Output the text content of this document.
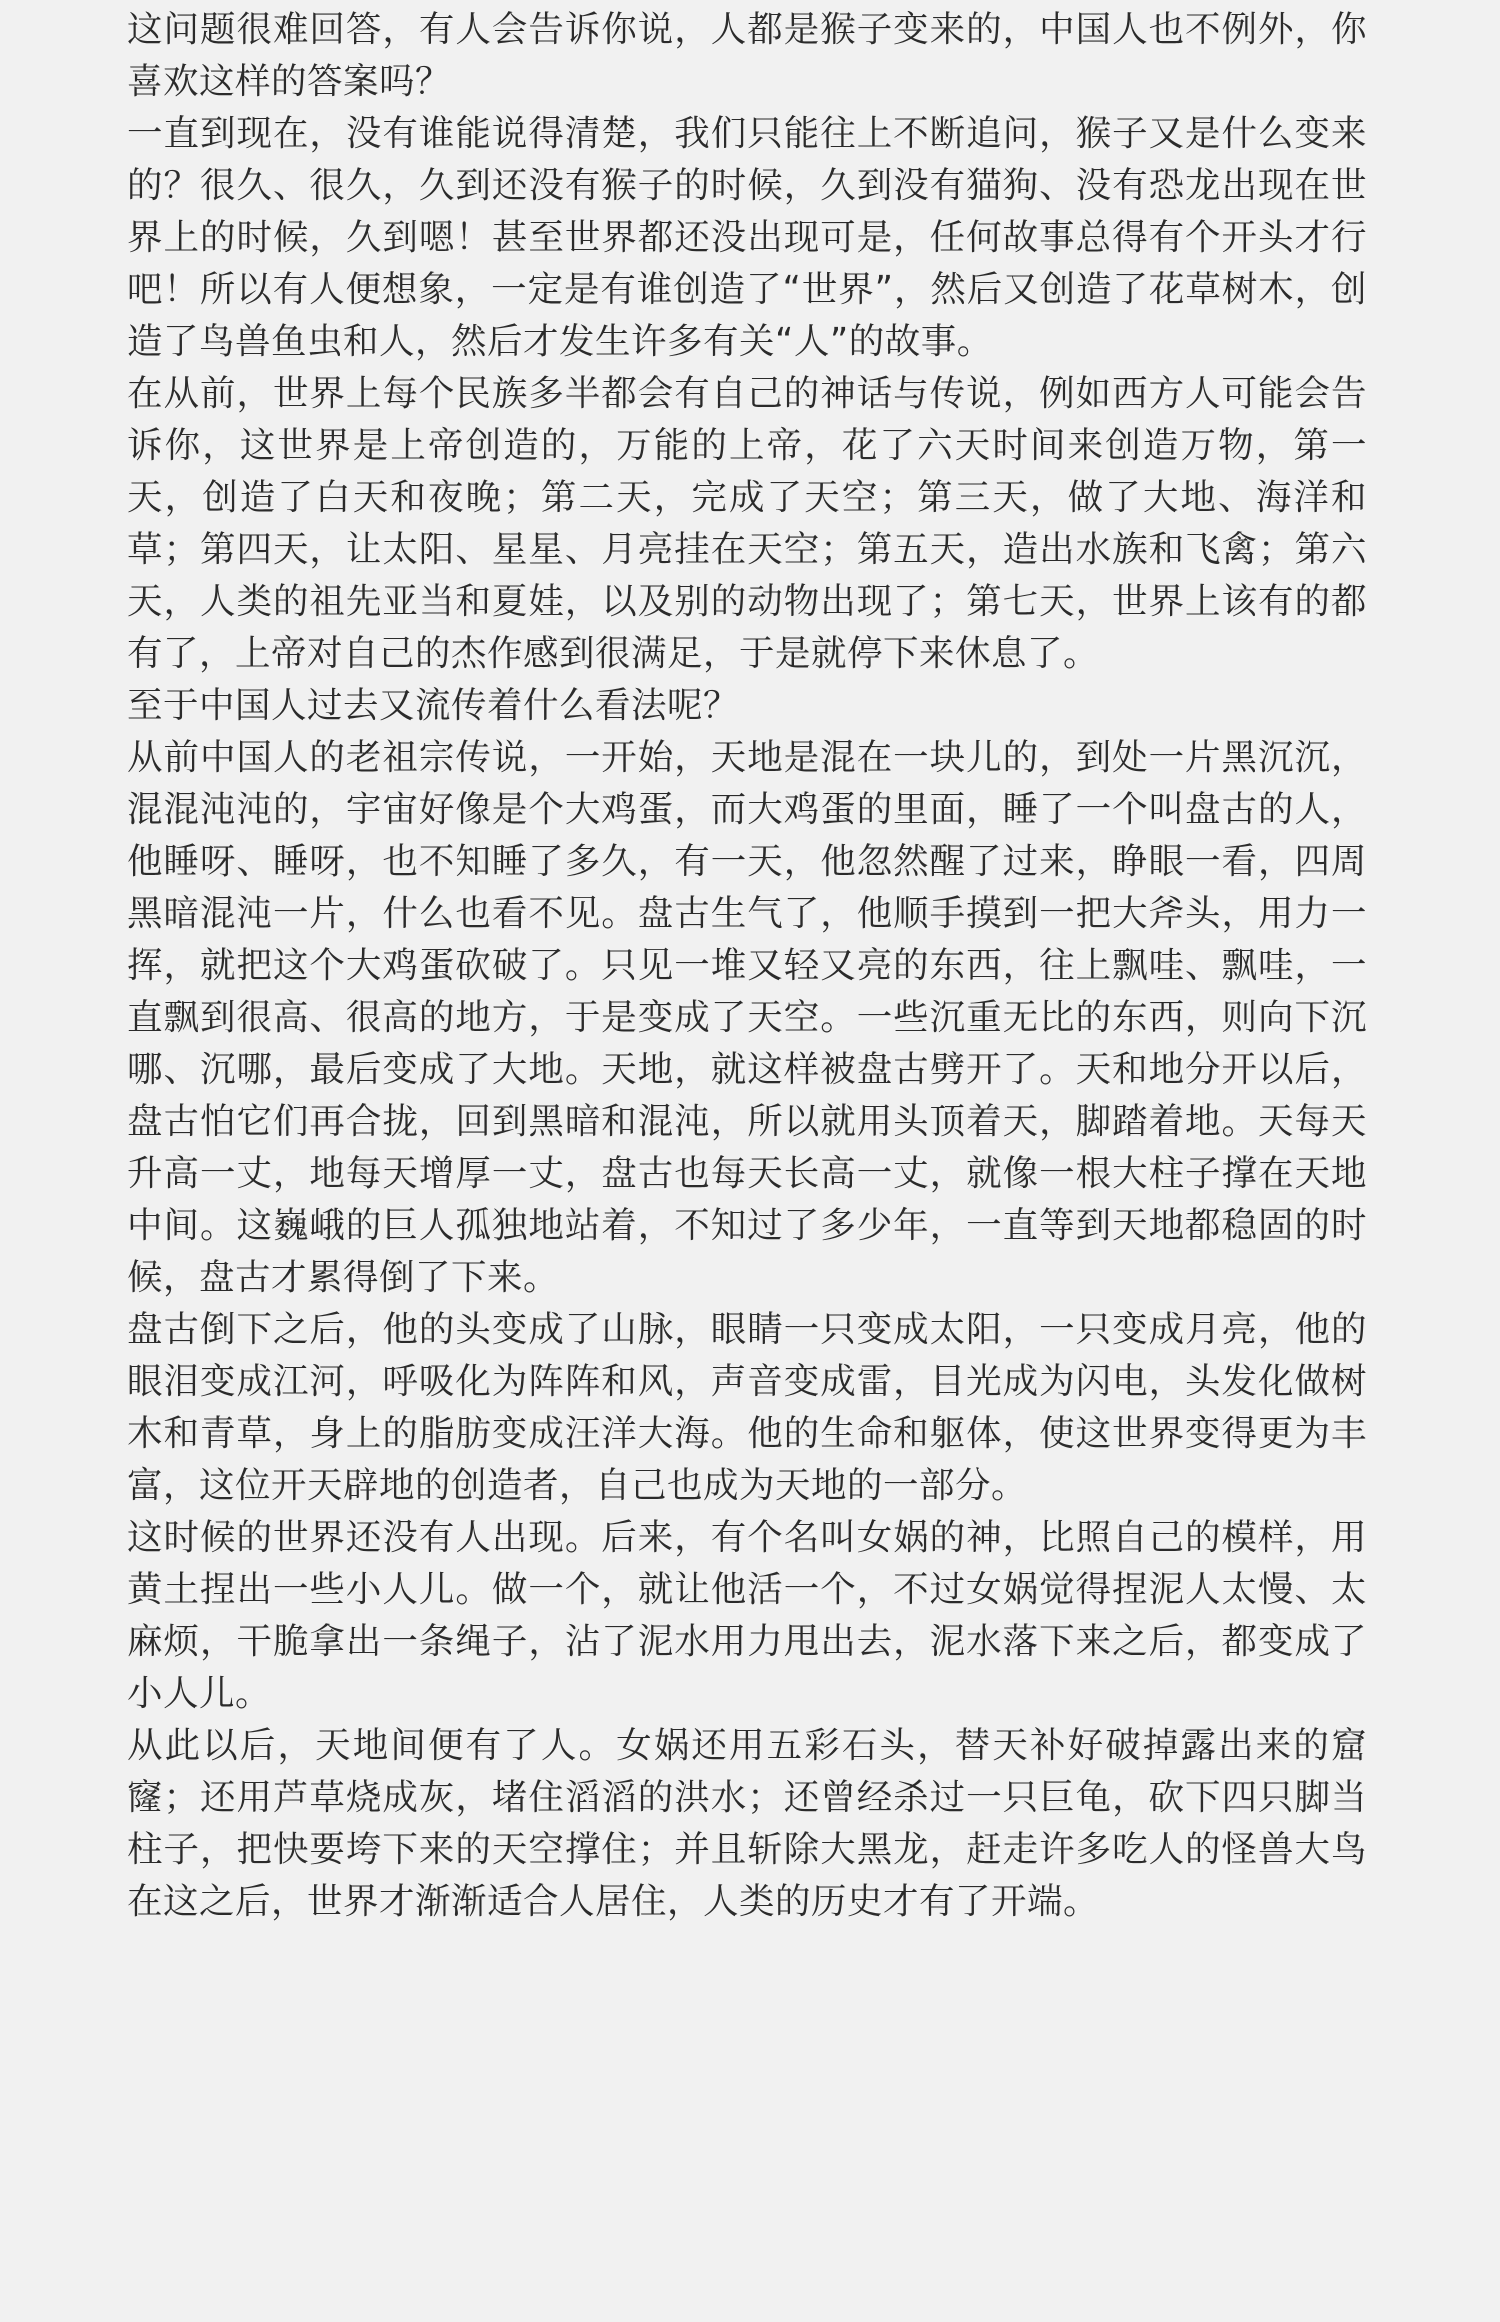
这问题很难回答，有人会告诉你说，人都是猴子变来的，中国人也不例外，你喜欢这样的答案吗？

一直到现在，没有谁能说得清楚，我们只能往上不断追问，猴子又是什么变来的？很久、很久，久到还没有猴子的时候，久到没有猫狗、没有恐龙出现在世界上的时候，久到嗯！甚至世界都还没出现可是，任何故事总得有个开头才行吧！所以有人便想象，一定是有谁创造了“世界”，然后又创造了花草树木，创造了鸟兽鱼虫和人，然后才发生许多有关“人”的故事。

在从前，世界上每个民族多半都会有自己的神话与传说，例如西方人可能会告诉你，这世界是上帝创造的，万能的上帝，花了六天时间来创造万物，第一天，创造了白天和夜晚；第二天，完成了天空；第三天，做了大地、海洋和草；第四天，让太阳、星星、月亮挂在天空；第五天，造出水族和飞禽；第六天，人类的祖先亚当和夏娃，以及别的动物出现了；第七天，世界上该有的都有了，上帝对自己的杰作感到很满足，于是就停下来休息了。

至于中国人过去又流传着什么看法呢？

从前中国人的老祖宗传说，一开始，天地是混在一块儿的，到处一片黑沉沉，混混沌沌的，宇宙好像是个大鸡蛋，而大鸡蛋的里面，睡了一个叫盘古的人，他睡呀、睡呀，也不知睡了多久，有一天，他忽然醒了过来，睁眼一看，四周黑暗混沌一片，什么也看不见。盘古生气了，他顺手摸到一把大斧头，用力一挥，就把这个大鸡蛋砍破了。只见一堆又轻又亮的东西，往上飘哇、飘哇，一直飘到很高、很高的地方，于是变成了天空。一些沉重无比的东西，则向下沉哪、沉哪，最后变成了大地。天地，就这样被盘古劈开了。天和地分开以后，盘古怕它们再合拢，回到黑暗和混沌，所以就用头顶着天，脚踏着地。天每天升高一丈，地每天增厚一丈，盘古也每天长高一丈，就像一根大柱子撑在天地中间。这巍峨的巨人孤独地站着，不知过了多少年，一直等到天地都稳固的时候，盘古才累得倒了下来。

盘古倒下之后，他的头变成了山脉，眼睛一只变成太阳，一只变成月亮，他的眼泪变成江河，呼吸化为阵阵和风，声音变成雷，目光成为闪电，头发化做树木和青草，身上的脂肪变成汪洋大海。他的生命和躯体，使这世界变得更为丰富，这位开天辟地的创造者，自己也成为天地的一部分。

这时候的世界还没有人出现。后来，有个名叫女娲的神，比照自己的模样，用黄土捏出一些小人儿。做一个，就让他活一个，不过女娲觉得捏泥人太慢、太麻烦，干脆拿出一条绳子，沾了泥水用力甩出去，泥水落下来之后，都变成了小人儿。

从此以后，天地间便有了人。女娲还用五彩石头，替天补好破掉露出来的窟窿；还用芦草烧成灰，堵住滔滔的洪水；还曾经杀过一只巨龟，砍下四只脚当柱子，把快要垮下来的天空撑住；并且斩除大黑龙，赶走许多吃人的怪兽大鸟在这之后，世界才渐渐适合人居住，人类的历史才有了开端。
